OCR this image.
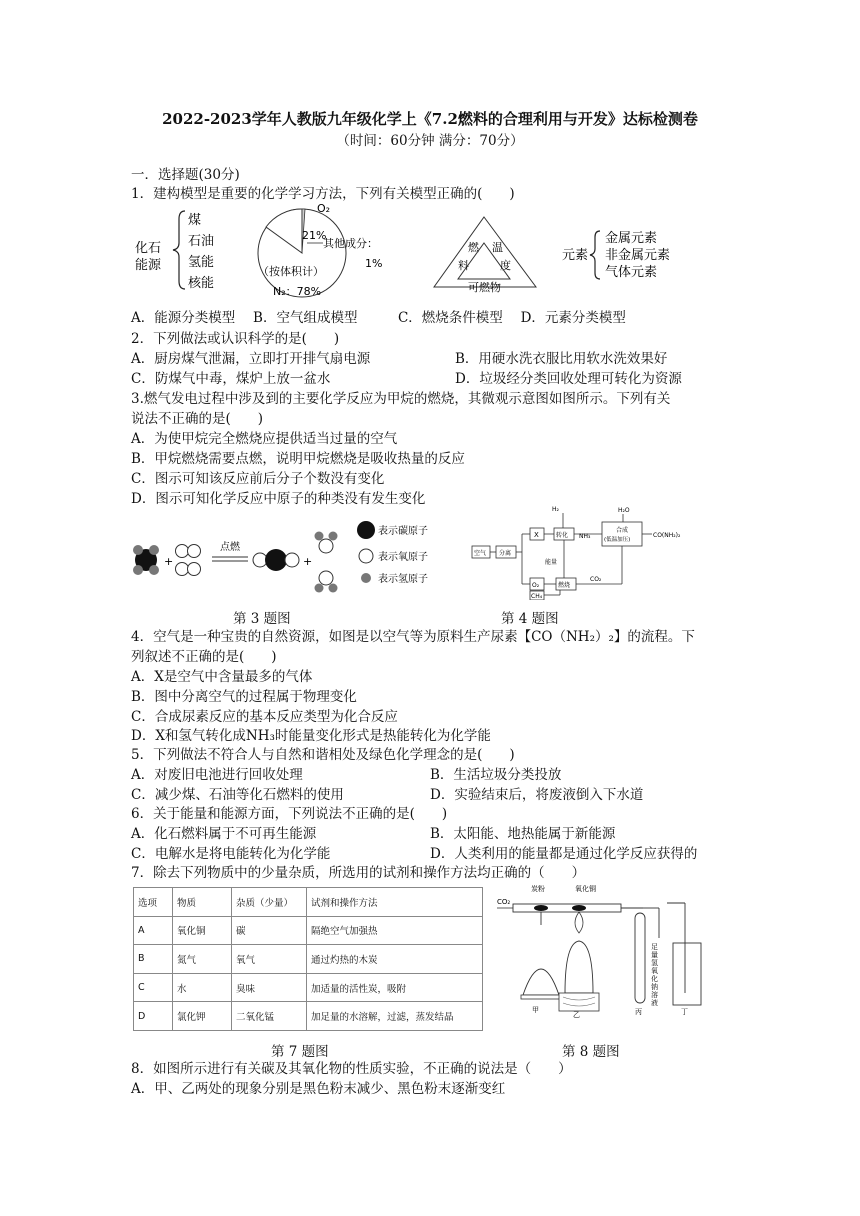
2022-2023学年人教版九年级化学上《7.2燃料的合理利用与开发》达标检测卷
（时间：60分钟 满分：70分）
一．选择题(30分)
1．建构模型是重要的化学学习方法，下列有关模型正确的(　　)
化石
能源
煤
石油
氢能
核能
O₂
21%
其他成分：
1%
（按体积计）
N₂：78%
燃 温
料	度
可燃物
元素
金属元素
非金属元素
气体元素
A．能源分类模型　 B．空气组成模型　　　C．燃烧条件模型　 D．元素分类模型
2．下列做法或认识科学的是(　　)
A．厨房煤气泄漏，立即打开排气扇电源	B．用硬水洗衣服比用软水洗效果好
C．防煤气中毒，煤炉上放一盆水	D．垃圾经分类回收处理可转化为资源
3.燃气发电过程中涉及到的主要化学反应为甲烷的燃烧，其微观示意图如图所示。下列有关
说法不正确的是(　　)
A．为使甲烷完全燃烧应提供适当过量的空气
B．甲烷燃烧需要点燃，说明甲烷燃烧是吸收热量的反应
C．图示可知该反应前后分子个数没有变化
D．图示可知化学反应中原子的种类没有发生变化
+
点燃
+
表示碳原子
表示氧原子
表示氢原子
空气 分离
X
H₂
转化 NH₃
H₂O
合成
(低温加压)
CO(NH₂)₂
O₂	燃烧
能量
CO₂
CH₄
第 3 题图	第 4 题图
4．空气是一种宝贵的自然资源，如图是以空气等为原料生产尿素【CO（NH₂）₂】的流程。下
列叙述不正确的是(　　)
A．X是空气中含量最多的气体
B．图中分离空气的过程属于物理变化
C．合成尿素反应的基本反应类型为化合反应
D．X和氢气转化成NH₃时能量变化形式是热能转化为化学能
5．下列做法不符合人与自然和谐相处及绿色化学理念的是(　　)
A．对废旧电池进行回收处理	B．生活垃圾分类投放
C．减少煤、石油等化石燃料的使用	D．实验结束后，将废液倒入下水道
6．关于能量和能源方面，下列说法不正确的是(　　)
A．化石燃料属于不可再生能源	B．太阳能、地热能属于新能源
C．电解水是将电能转化为化学能	D．人类利用的能量都是通过化学反应获得的
7．除去下列物质中的少量杂质，所选用的试剂和操作方法均正确的（　　）
选项	物质	杂质（少量）	试剂和操作方法
A	氧化铜	碳	隔绝空气加强热
B	氮气	氧气	通过灼热的木炭
C	水	臭味	加适量的活性炭，吸附
D	氯化钾	二氧化锰	加足量的水溶解，过滤，蒸发结晶
CO₂
炭粉	氧化铜
足
量
氢
氧
化
钠
溶
液
甲
乙	丙	丁
第 7 题图	第 8 题图
8．如图所示进行有关碳及其氧化物的性质实验，不正确的说法是（　　）
A．甲、乙两处的现象分别是黑色粉末减少、黑色粉末逐渐变红
